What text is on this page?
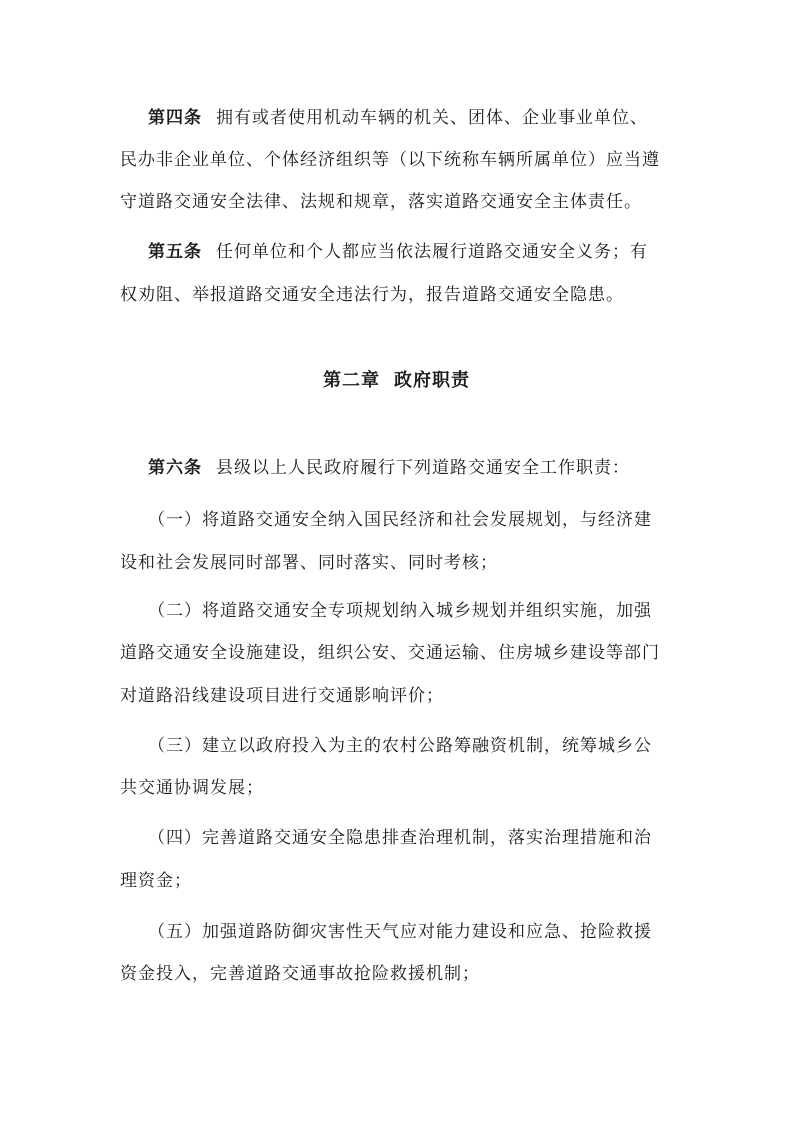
第四条 拥有或者使用机动车辆的机关、团体、企业事业单位、
民办非企业单位、个体经济组织等（以下统称车辆所属单位）应当遵
守道路交通安全法律、法规和规章，落实道路交通安全主体责任。
第五条 任何单位和个人都应当依法履行道路交通安全义务；有
权劝阻、举报道路交通安全违法行为，报告道路交通安全隐患。
第二章 政府职责
第六条 县级以上人民政府履行下列道路交通安全工作职责：
（一）将道路交通安全纳入国民经济和社会发展规划，与经济建
设和社会发展同时部署、同时落实、同时考核；
（二）将道路交通安全专项规划纳入城乡规划并组织实施，加强
道路交通安全设施建设，组织公安、交通运输、住房城乡建设等部门
对道路沿线建设项目进行交通影响评价；
（三）建立以政府投入为主的农村公路筹融资机制，统筹城乡公
共交通协调发展；
（四）完善道路交通安全隐患排查治理机制，落实治理措施和治
理资金；
（五）加强道路防御灾害性天气应对能力建设和应急、抢险救援
资金投入，完善道路交通事故抢险救援机制；
